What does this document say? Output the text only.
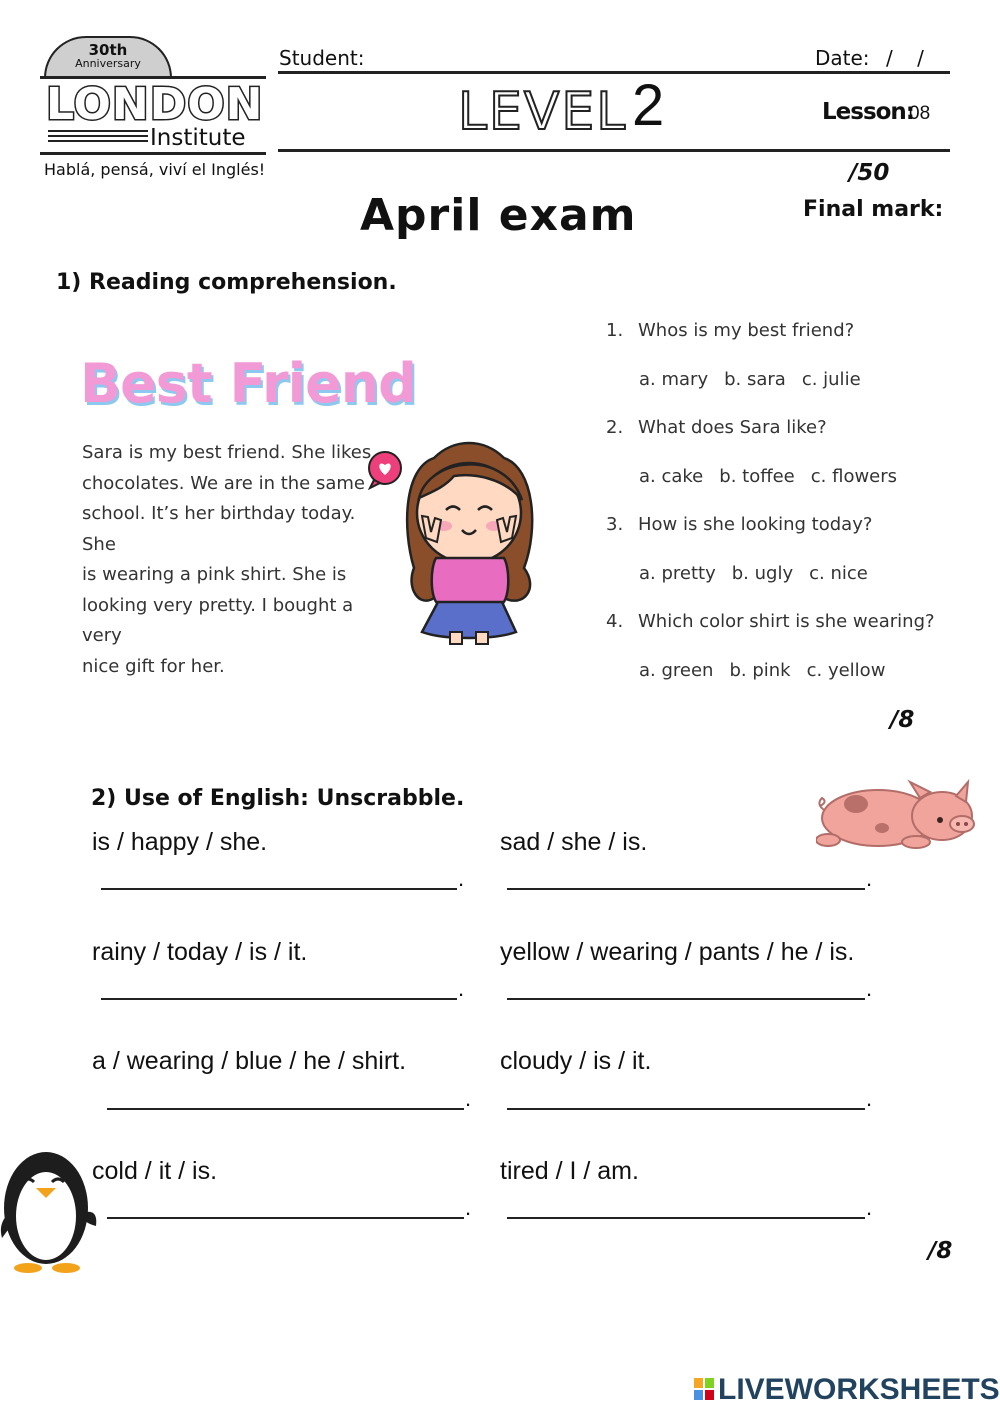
30th
Anniversary
LONDON
Institute
Hablá, pensá, viví el Inglés!
Student:	Date: / /
LEVEL 2	Lesson:
08
/50
Final mark:
April exam
1) Reading comprehension.
Best Friend
Sara is my best friend. She likes
chocolates. We are in the same
school. It’s her birthday today. She
is wearing a pink shirt. She is
looking very pretty. I bought a very
nice gift for her.
1. Whos is my best friend?
a. mary b. sara c. julie
2. What does Sara like?
a. cake b. toffee c. flowers
3. How is she looking today?
a. pretty b. ugly c. nice
4. Which color shirt is she wearing?
a. green b. pink c. yellow
/8
2) Use of English: Unscrabble.
is / happy / she.	sad / she / is.
.	.
rainy / today / is / it.	yellow / wearing / pants / he / is.
.	.
a / wearing / blue / he / shirt.	cloudy / is / it.
.	.
cold / it / is.	tired / I / am.
.	.
/8
LIVEWORKSHEETS
